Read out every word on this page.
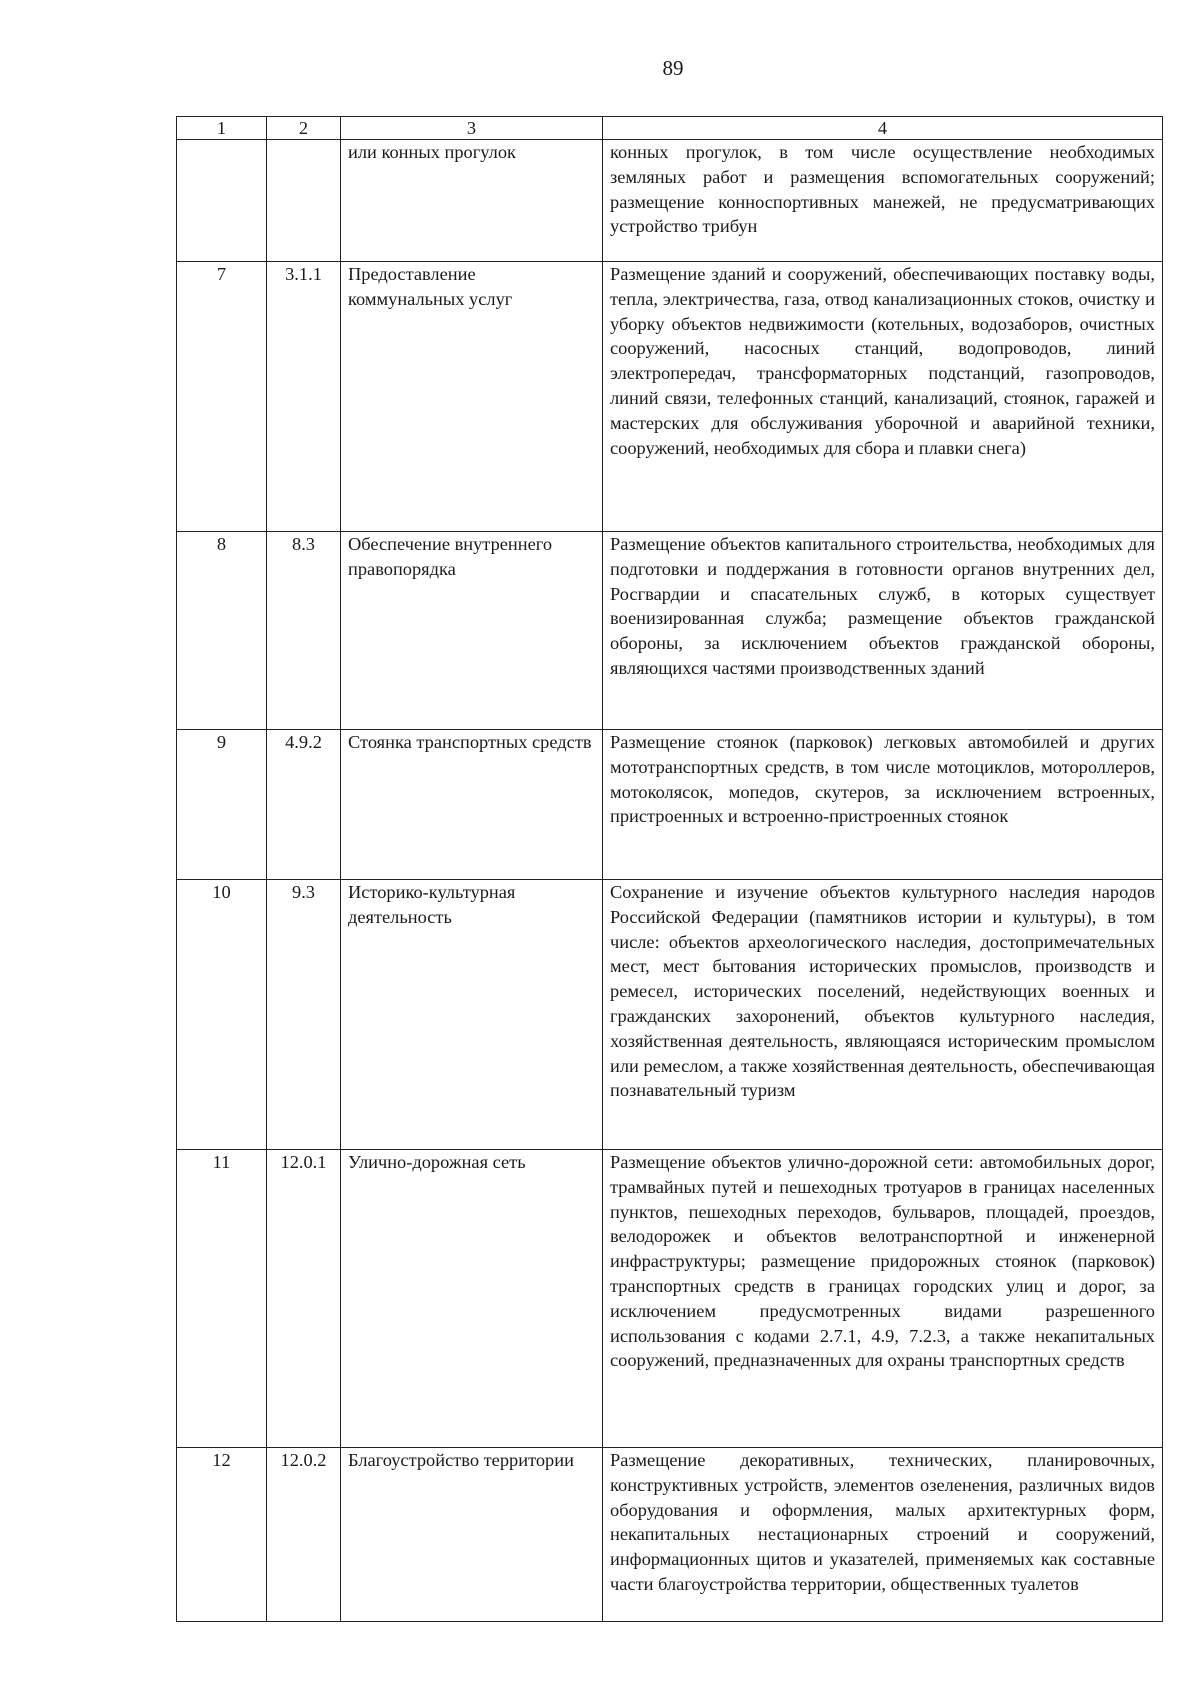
89
1	2	3	4
		или конных прогулок	конных прогулок, в том числе осуществление необходимых земляных работ и размещения вспомогательных сооружений; размещение конноспортивных манежей, не предусматривающих устройство трибун
7	3.1.1	Предоставление коммунальных услуг	Размещение зданий и сооружений, обеспечивающих поставку воды, тепла, электричества, газа, отвод канализационных стоков, очистку и уборку объектов недвижимости (котельных, водозаборов, очистных сооружений, насосных станций, водопроводов, линий электропередач, трансформаторных подстанций, газопроводов, линий связи, телефонных станций, канализаций, стоянок, гаражей и мастерских для обслуживания уборочной и аварийной техники, сооружений, необходимых для сбора и плавки снега)
8	8.3	Обеспечение внутреннего правопорядка	Размещение объектов капитального строительства, необходимых для подготовки и поддержания в готовности органов внутренних дел, Росгвардии и спасательных служб, в которых существует военизированная служба; размещение объектов гражданской обороны, за исключением объектов гражданской обороны, являющихся частями производственных зданий
9	4.9.2	Стоянка транспортных средств	Размещение стоянок (парковок) легковых автомобилей и других мототранспортных средств, в том числе мотоциклов, мотороллеров, мотоколясок, мопедов, скутеров, за исключением встроенных, пристроенных и встроенно-пристроенных стоянок
10	9.3	Историко-культурная деятельность	Сохранение и изучение объектов культурного наследия народов Российской Федерации (памятников истории и культуры), в том числе: объектов археологического наследия, достопримечательных мест, мест бытования исторических промыслов, производств и ремесел, исторических поселений, недействующих военных и гражданских захоронений, объектов культурного наследия, хозяйственная деятельность, являющаяся историческим промыслом или ремеслом, а также хозяйственная деятельность, обеспечивающая познавательный туризм
11	12.0.1	Улично-дорожная сеть	Размещение объектов улично-дорожной сети: автомобильных дорог, трамвайных путей и пешеходных тротуаров в границах населенных пунктов, пешеходных переходов, бульваров, площадей, проездов, велодорожек и объектов велотранспортной и инженерной инфраструктуры; размещение придорожных стоянок (парковок) транспортных средств в границах городских улиц и дорог, за исключением предусмотренных видами разрешенного использования с кодами 2.7.1, 4.9, 7.2.3, а также некапитальных сооружений, предназначенных для охраны транспортных средств
12	12.0.2	Благоустройство территории	Размещение декоративных, технических, планировочных, конструктивных устройств, элементов озеленения, различных видов оборудования и оформления, малых архитектурных форм, некапитальных нестационарных строений и сооружений, информационных щитов и указателей, применяемых как составные части благоустройства территории, общественных туалетов
